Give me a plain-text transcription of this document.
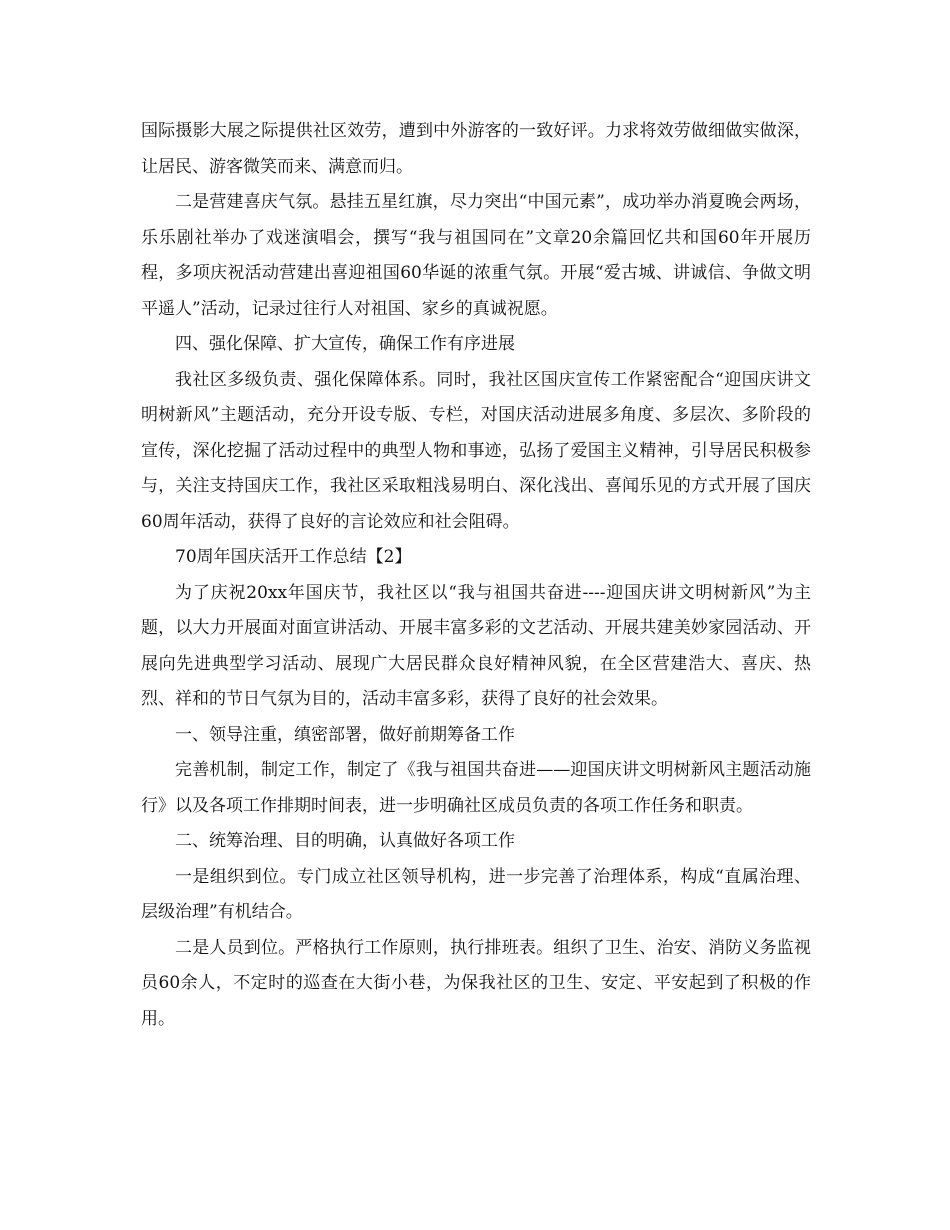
国际摄影大展之际提供社区效劳，遭到中外游客的一致好评。力求将效劳做细做实做深，让居民、游客微笑而来、满意而归。

二是营建喜庆气氛。悬挂五星红旗，尽力突出“中国元素”，成功举办消夏晚会两场，乐乐剧社举办了戏迷演唱会，撰写“我与祖国同在”文章20余篇回忆共和国60年开展历程，多项庆祝活动营建出喜迎祖国60华诞的浓重气氛。开展“爱古城、讲诚信、争做文明平遥人”活动，记录过往行人对祖国、家乡的真诚祝愿。

四、强化保障、扩大宣传，确保工作有序进展

我社区多级负责、强化保障体系。同时，我社区国庆宣传工作紧密配合“迎国庆讲文明树新风”主题活动，充分开设专版、专栏，对国庆活动进展多角度、多层次、多阶段的宣传，深化挖掘了活动过程中的典型人物和事迹，弘扬了爱国主义精神，引导居民积极参与，关注支持国庆工作，我社区采取粗浅易明白、深化浅出、喜闻乐见的方式开展了国庆60周年活动，获得了良好的言论效应和社会阻碍。

70周年国庆活开工作总结【2】

为了庆祝20xx年国庆节，我社区以“我与祖国共奋进----迎国庆讲文明树新风”为主题，以大力开展面对面宣讲活动、开展丰富多彩的文艺活动、开展共建美妙家园活动、开展向先进典型学习活动、展现广大居民群众良好精神风貌，在全区营建浩大、喜庆、热烈、祥和的节日气氛为目的，活动丰富多彩，获得了良好的社会效果。

一、领导注重，缜密部署，做好前期筹备工作

完善机制，制定工作，制定了《我与祖国共奋进——迎国庆讲文明树新风主题活动施行》以及各项工作排期时间表，进一步明确社区成员负责的各项工作任务和职责。

二、统筹治理、目的明确，认真做好各项工作

一是组织到位。专门成立社区领导机构，进一步完善了治理体系，构成“直属治理、层级治理”有机结合。

二是人员到位。严格执行工作原则，执行排班表。组织了卫生、治安、消防义务监视员60余人，不定时的巡查在大街小巷，为保我社区的卫生、安定、平安起到了积极的作用。
